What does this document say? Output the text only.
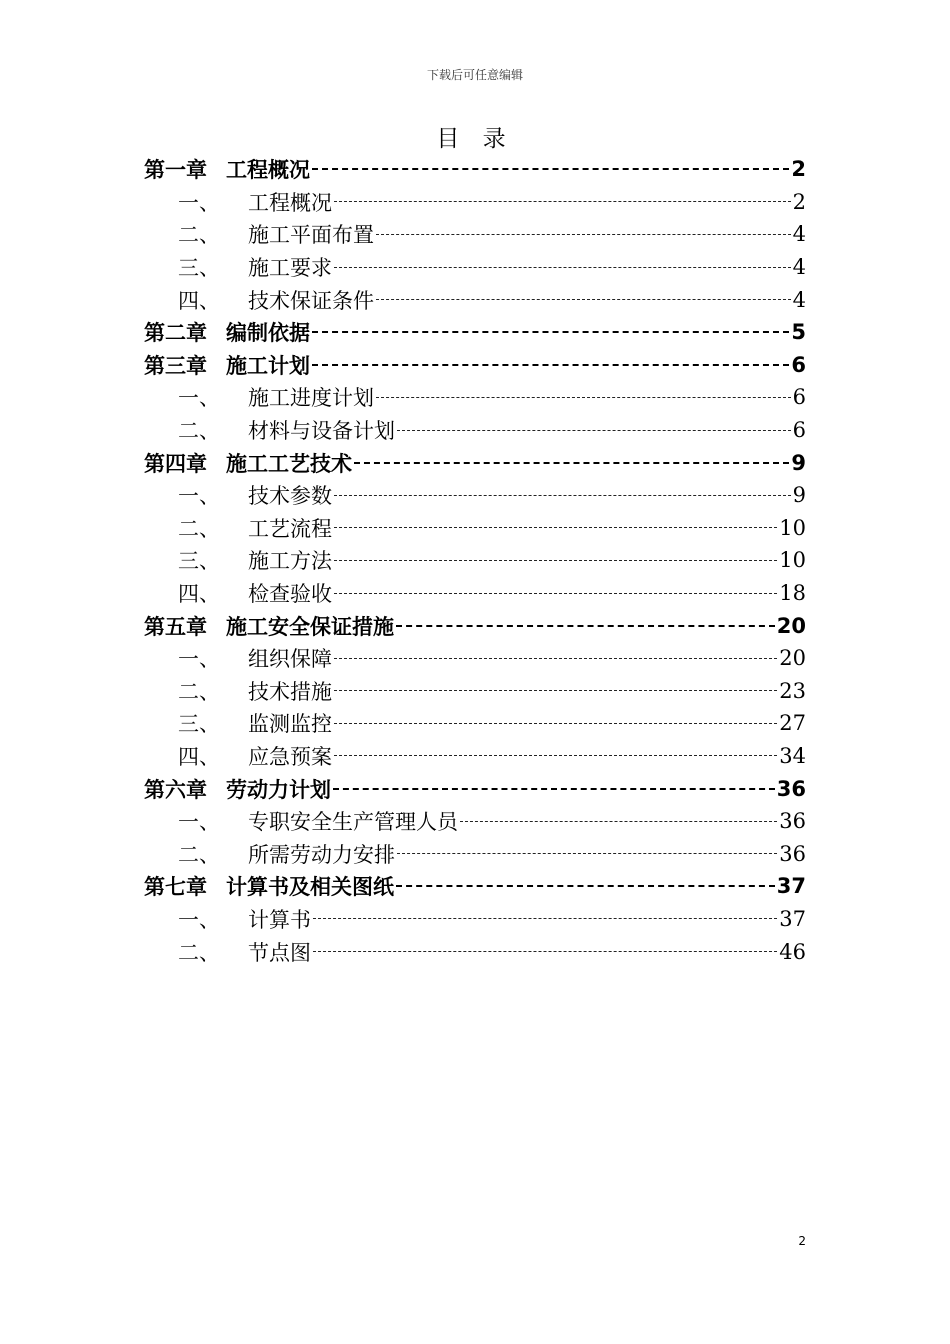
下载后可任意编辑
目 录
第一章 工程概况	2
一、	工程概况	2
二、	施工平面布置	4
三、	施工要求	4
四、	技术保证条件	4
第二章 编制依据	5
第三章 施工计划	6
一、	施工进度计划	6
二、	材料与设备计划	6
第四章 施工工艺技术	9
一、	技术参数	9
二、	工艺流程	10
三、	施工方法	10
四、	检查验收	18
第五章 施工安全保证措施	20
一、	组织保障	20
二、	技术措施	23
三、	监测监控	27
四、	应急预案	34
第六章 劳动力计划	36
一、	专职安全生产管理人员	36
二、	所需劳动力安排	36
第七章 计算书及相关图纸	37
一、	计算书	37
二、	节点图	46
2
